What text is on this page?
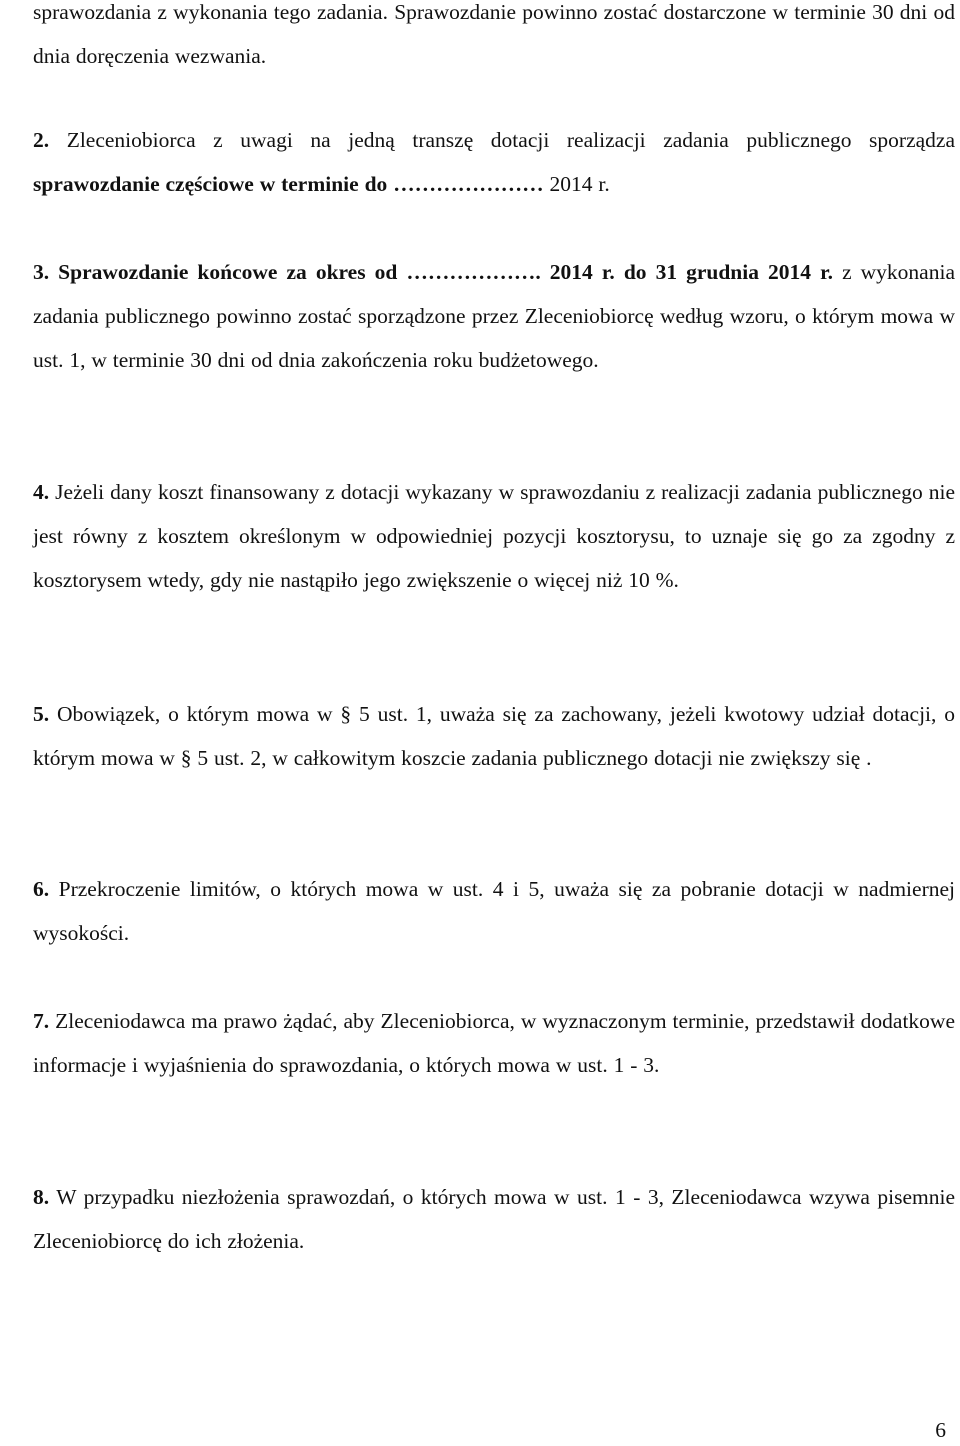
sprawozdania z wykonania tego zadania. Sprawozdanie powinno zostać dostarczone w terminie 30 dni od dnia doręczenia wezwania.

2. Zleceniobiorca z uwagi na jedną transzę dotacji realizacji zadania publicznego sporządza sprawozdanie częściowe w terminie do ………………… 2014 r.

3. Sprawozdanie końcowe za okres od ………………. 2014 r. do 31 grudnia 2014 r. z wykonania zadania publicznego powinno zostać sporządzone przez Zleceniobiorcę według wzoru, o którym mowa w ust. 1, w terminie 30 dni od dnia zakończenia roku budżetowego.

4. Jeżeli dany koszt finansowany z dotacji wykazany w sprawozdaniu z realizacji zadania publicznego nie jest równy z kosztem określonym w odpowiedniej pozycji kosztorysu, to uznaje się go za zgodny z kosztorysem wtedy, gdy nie nastąpiło jego zwiększenie o więcej niż 10 %.

5. Obowiązek, o którym mowa w § 5 ust. 1, uważa się za zachowany, jeżeli kwotowy udział dotacji, o którym mowa w § 5 ust. 2, w całkowitym koszcie zadania publicznego dotacji nie zwiększy się .

6. Przekroczenie limitów, o których mowa w ust. 4 i 5, uważa się za pobranie dotacji w nadmiernej wysokości.

7. Zleceniodawca ma prawo żądać, aby Zleceniobiorca, w wyznaczonym terminie, przedstawił dodatkowe informacje i wyjaśnienia do sprawozdania, o których mowa w ust. 1 - 3.

8. W przypadku niezłożenia sprawozdań, o których mowa w ust. 1 - 3, Zleceniodawca wzywa pisemnie Zleceniobiorcę do ich złożenia.

6
